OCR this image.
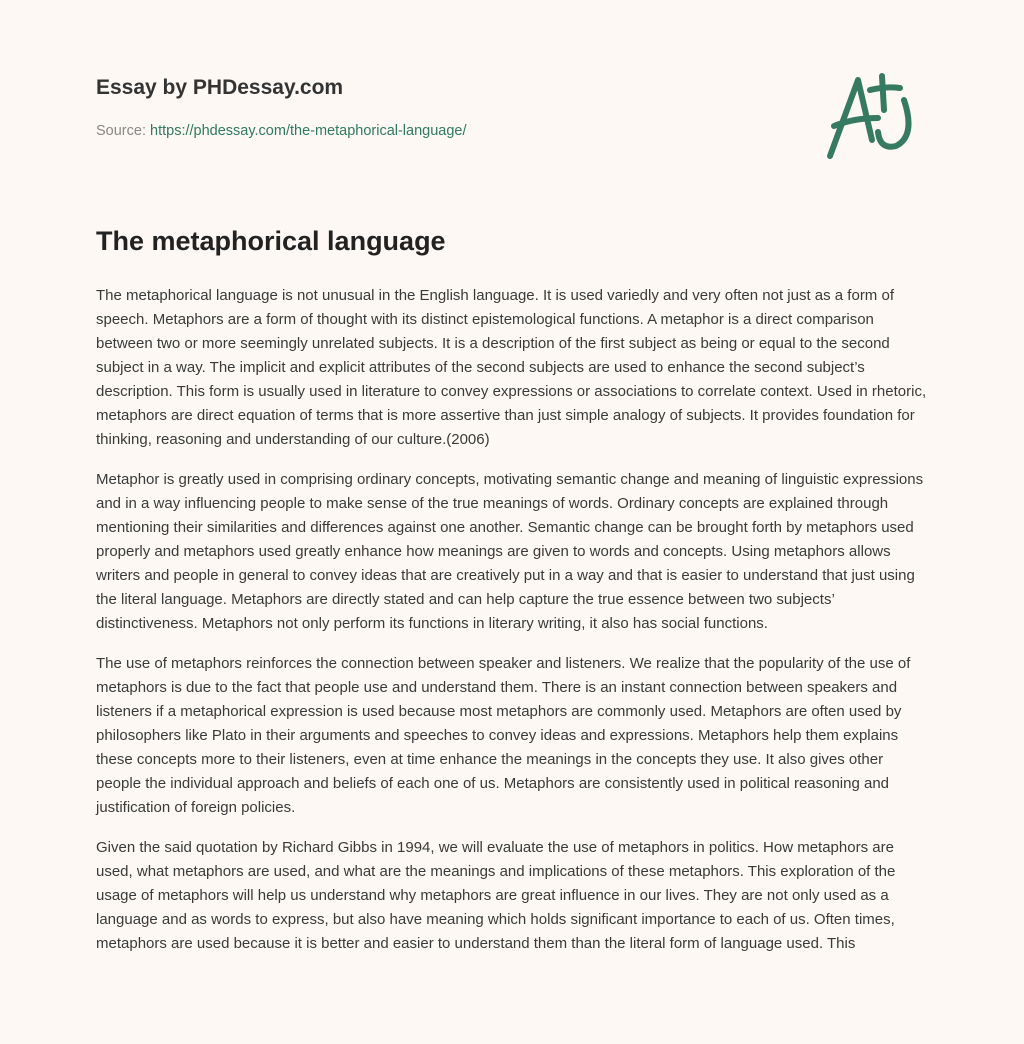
Essay by PHDessay.com
Source: https://phdessay.com/the-metaphorical-language/
The metaphorical language

The metaphorical language is not unusual in the English language. It is used variedly and very often not just as a form of speech. Metaphors are a form of thought with its distinct epistemological functions. A metaphor is a direct comparison between two or more seemingly unrelated subjects. It is a description of the first subject as being or equal to the second subject in a way. The implicit and explicit attributes of the second subjects are used to enhance the second subject’s description. This form is usually used in literature to convey expressions or associations to correlate context. Used in rhetoric, metaphors are direct equation of terms that is more assertive than just simple analogy of subjects. It provides foundation for thinking, reasoning and understanding of our culture.(2006)

Metaphor is greatly used in comprising ordinary concepts, motivating semantic change and meaning of linguistic expressions and in a way influencing people to make sense of the true meanings of words. Ordinary concepts are explained through mentioning their similarities and differences against one another. Semantic change can be brought forth by metaphors used properly and metaphors used greatly enhance how meanings are given to words and concepts. Using metaphors allows writers and people in general to convey ideas that are creatively put in a way and that is easier to understand that just using the literal language. Metaphors are directly stated and can help capture the true essence between two subjects’ distinctiveness. Metaphors not only perform its functions in literary writing, it also has social functions.

The use of metaphors reinforces the connection between speaker and listeners. We realize that the popularity of the use of metaphors is due to the fact that people use and understand them. There is an instant connection between speakers and listeners if a metaphorical expression is used because most metaphors are commonly used. Metaphors are often used by philosophers like Plato in their arguments and speeches to convey ideas and expressions. Metaphors help them explains these concepts more to their listeners, even at time enhance the meanings in the concepts they use. It also gives other people the individual approach and beliefs of each one of us. Metaphors are consistently used in political reasoning and justification of foreign policies.

Given the said quotation by Richard Gibbs in 1994, we will evaluate the use of metaphors in politics. How metaphors are used, what metaphors are used, and what are the meanings and implications of these metaphors. This exploration of the usage of metaphors will help us understand why metaphors are great influence in our lives. They are not only used as a language and as words to express, but also have meaning which holds significant importance to each of us. Often times, metaphors are used because it is better and easier to understand them than the literal form of language used. This
